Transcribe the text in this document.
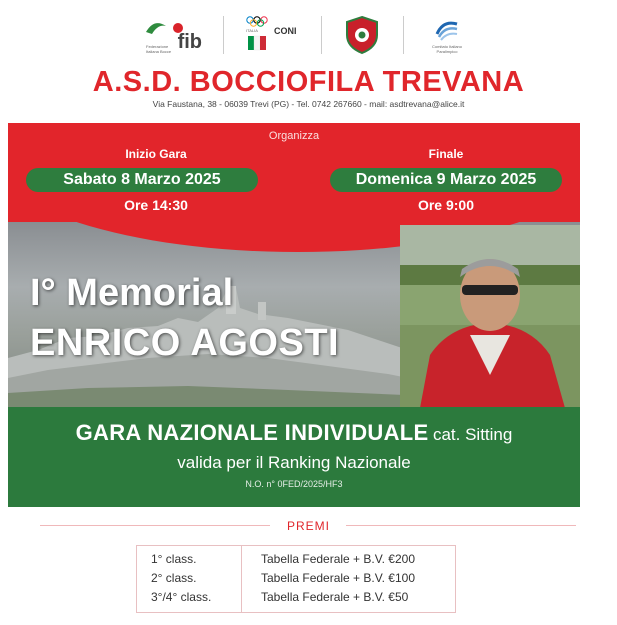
Federazione Italiana Bocce fib
ITALIA CONI
Comitato Italiano Paralimpico
A.S.D. BOCCIOFILA TREVANA
Via Faustana, 38 - 06039 Trevi (PG) - Tel. 0742 267660 - mail: asdtrevana@alice.it
I° Memorial
ENRICO AGOSTI
Organizza
Inizio Gara
Sabato 8 Marzo 2025
Ore 14:30
Finale
Domenica 9 Marzo 2025
Ore 9:00
GARA NAZIONALE INDIVIDUALE cat. Sitting
valida per il Ranking Nazionale
N.O. n° 0FED/2025/HF3
PREMI
1° class.	Tabella Federale + B.V. €200
2° class.	Tabella Federale + B.V. €100
3°/4° class.	Tabella Federale + B.V. €50
